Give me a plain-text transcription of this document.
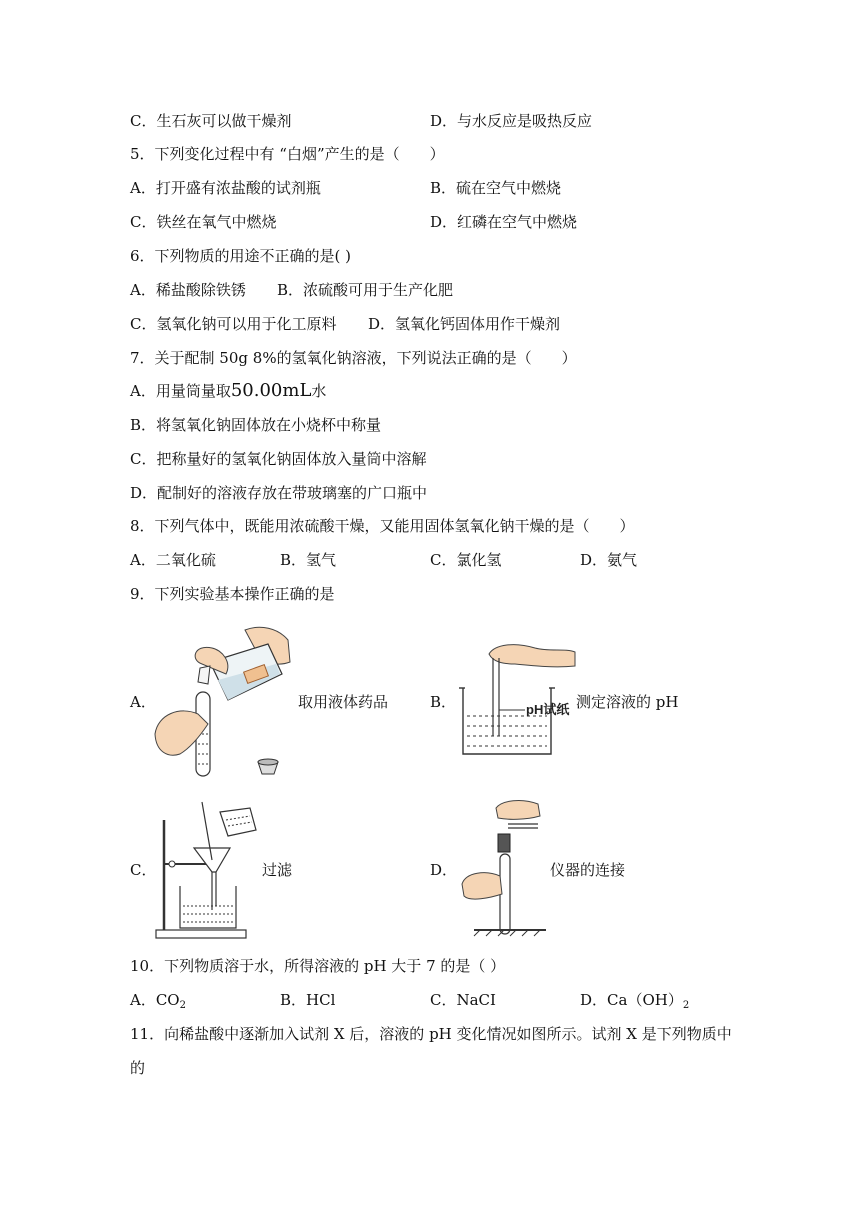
C．生石灰可以做干燥剂	D．与水反应是吸热反应
5．下列变化过程中有 “白烟”产生的是（　　）
A．打开盛有浓盐酸的试剂瓶	B．硫在空气中燃烧
C．铁丝在氧气中燃烧	D．红磷在空气中燃烧
6．下列物质的用途不正确的是( )
A．稀盐酸除铁锈 B．浓硫酸可用于生产化肥
C．氢氧化钠可以用于化工原料 D．氢氧化钙固体用作干燥剂
7．关于配制 50g 8%的氢氧化钠溶液，下列说法正确的是（　　）
A．用量筒量取50.00mL水
B．将氢氧化钠固体放在小烧杯中称量
C．把称量好的氢氧化钠固体放入量筒中溶解
D．配制好的溶液存放在带玻璃塞的广口瓶中
8．下列气体中，既能用浓硫酸干燥，又能用固体氢氧化钠干燥的是（　　）
A．二氧化硫	B．氢气	C．氯化氢	D．氨气
9．下列实验基本操作正确的是
A．	取用液体药品	B．	pH试纸 测定溶液的 pH
C．	过滤	D．	仪器的连接
10．下列物质溶于水，所得溶液的 pH 大于 7 的是（ ）
A．$CO_2$	B．HCl	C．NaCI	D．$Ca(OH)_2$
11．向稀盐酸中逐渐加入试剂 X 后，溶液的 pH 变化情况如图所示。试剂 X 是下列物质中
的
